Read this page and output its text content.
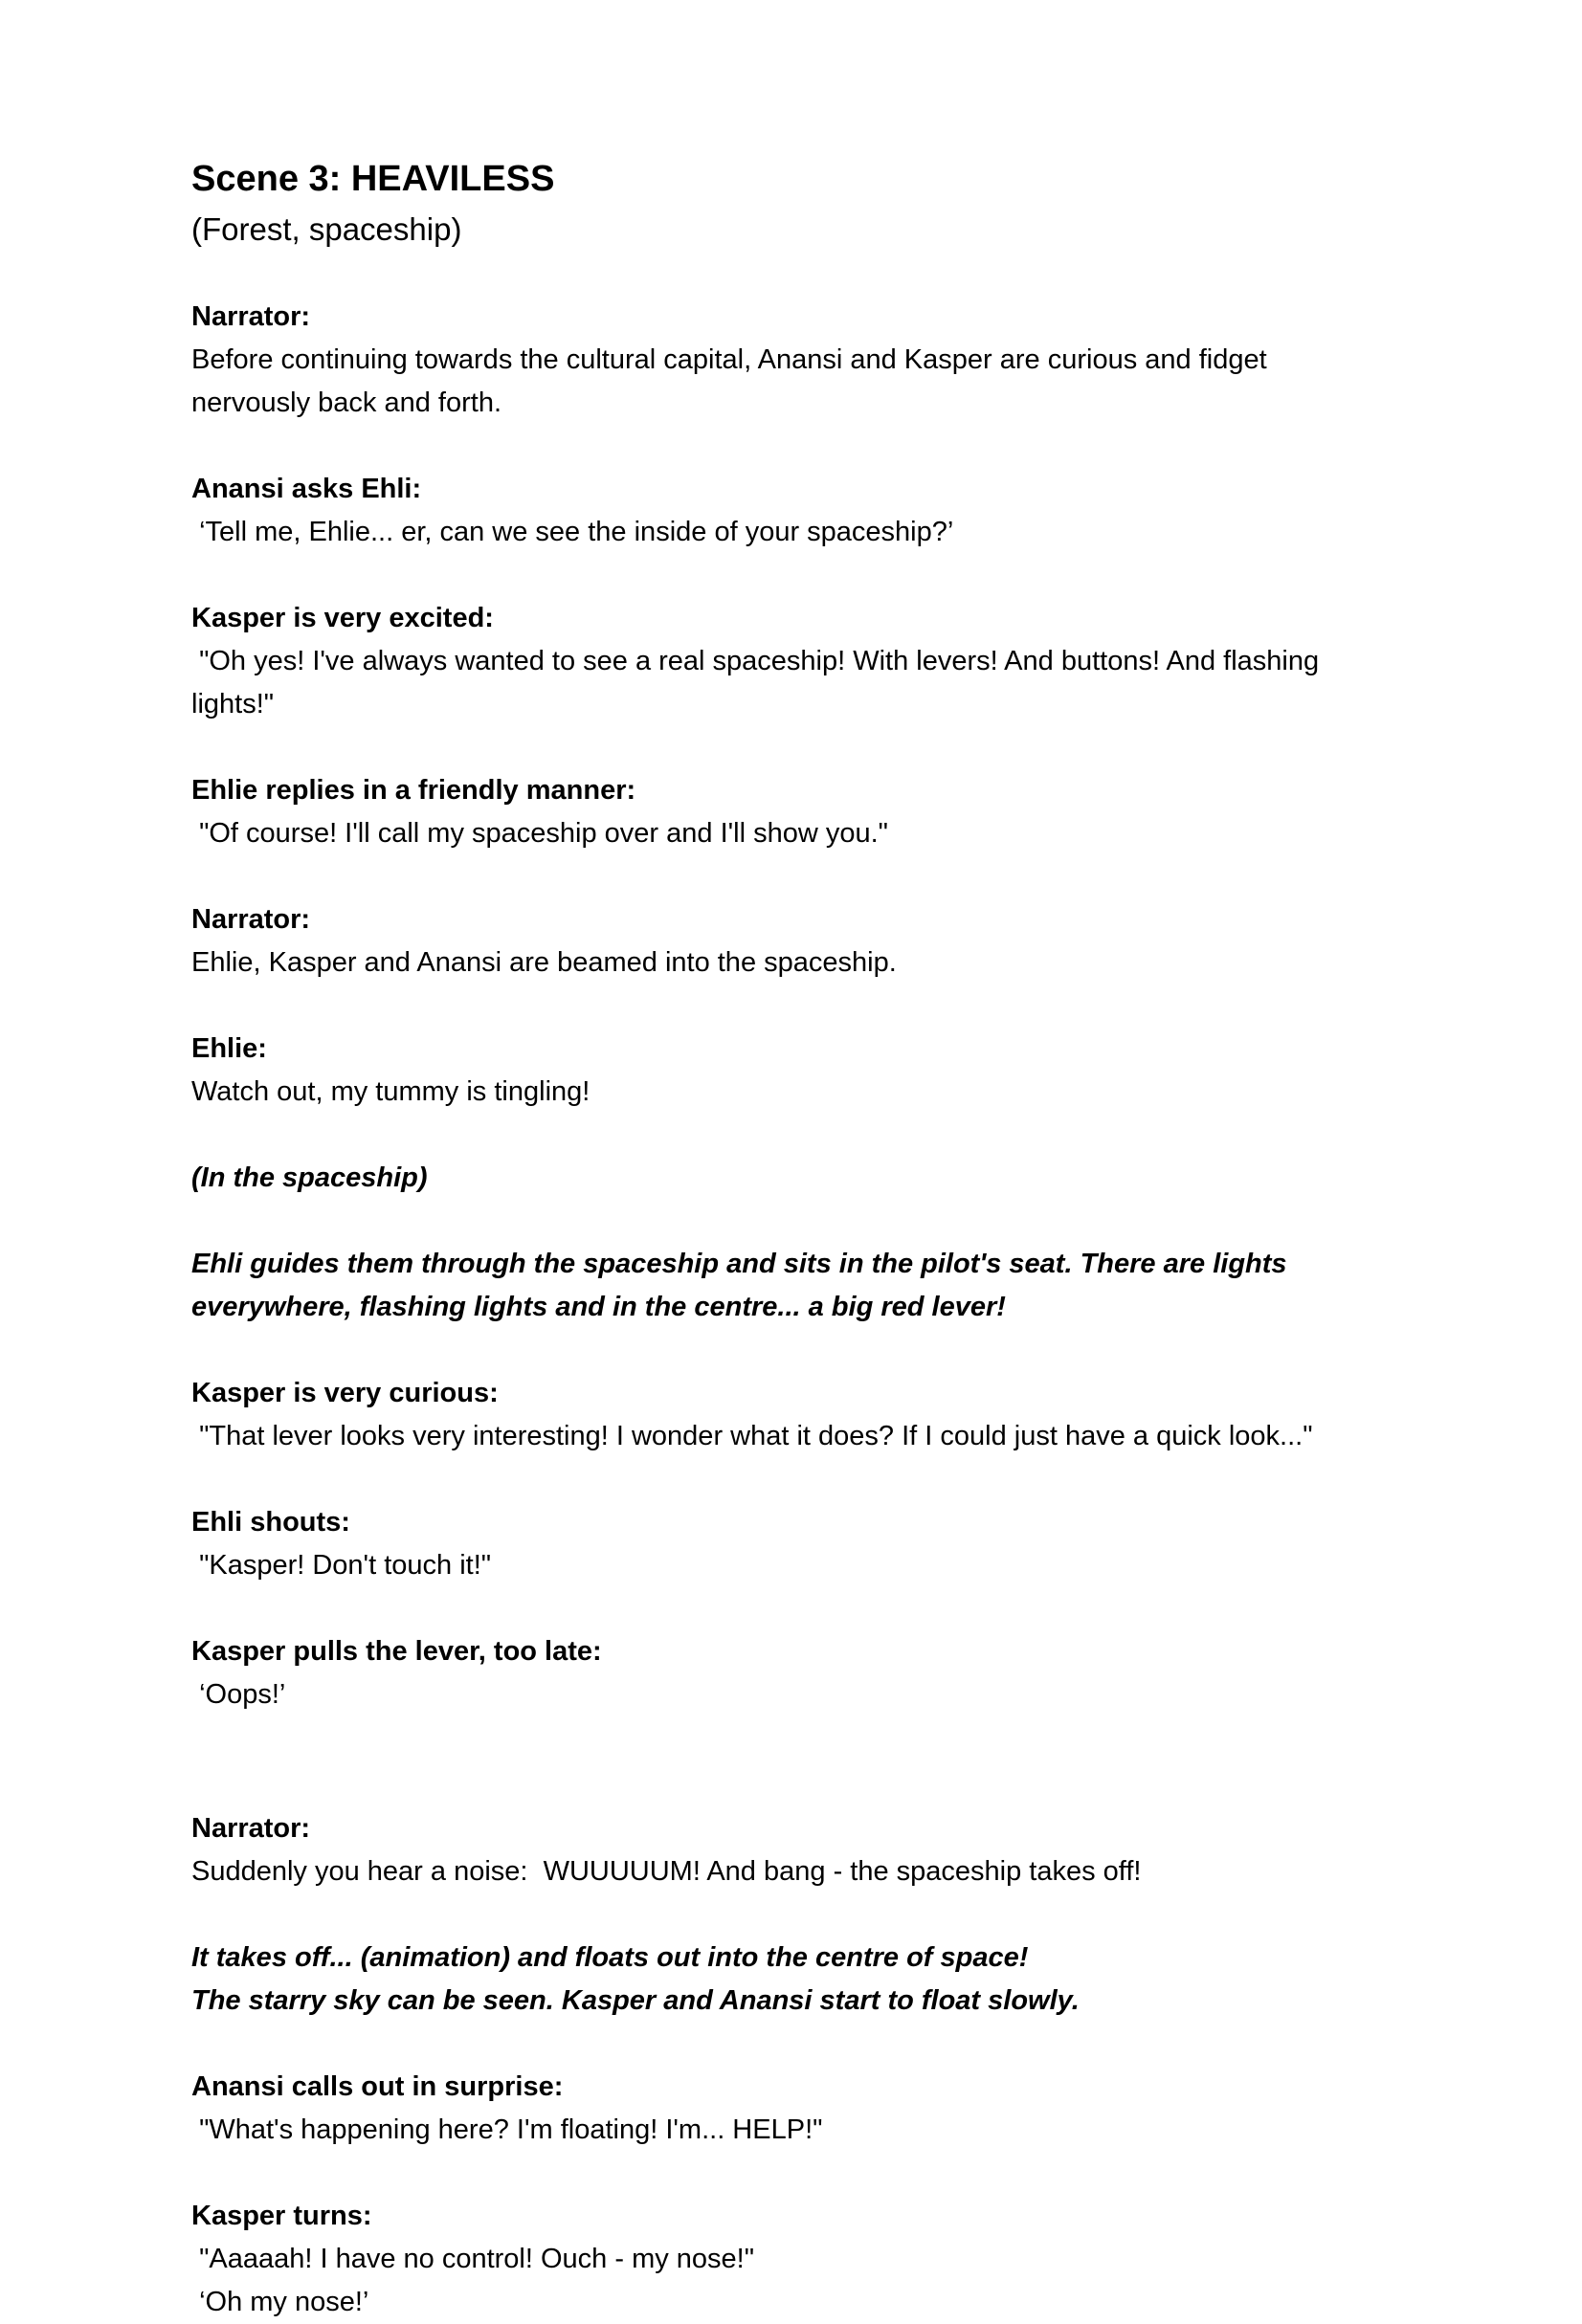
Scene 3: HEAVILESS
(Forest, spaceship)
Narrator:
Before continuing towards the cultural capital, Anansi and Kasper are curious and fidget
nervously back and forth.
Anansi asks Ehli:
‘Tell me, Ehlie... er, can we see the inside of your spaceship?’
Kasper is very excited:
"Oh yes! I've always wanted to see a real spaceship! With levers! And buttons! And flashing
lights!"
Ehlie replies in a friendly manner:
"Of course! I'll call my spaceship over and I'll show you."
Narrator:
Ehlie, Kasper and Anansi are beamed into the spaceship.
Ehlie:
Watch out, my tummy is tingling!
(In the spaceship)
Ehli guides them through the spaceship and sits in the pilot's seat. There are lights
everywhere, flashing lights and in the centre... a big red lever!
Kasper is very curious:
"That lever looks very interesting! I wonder what it does? If I could just have a quick look..."
Ehli shouts:
"Kasper! Don't touch it!"
Kasper pulls the lever, too late:
‘Oops!’
Narrator:
Suddenly you hear a noise:  WUUUUUM! And bang - the spaceship takes off!
It takes off... (animation) and floats out into the centre of space!
The starry sky can be seen. Kasper and Anansi start to float slowly.
Anansi calls out in surprise:
"What's happening here? I'm floating! I'm... HELP!"
Kasper turns:
"Aaaaah! I have no control! Ouch - my nose!"
‘Oh my nose!’
